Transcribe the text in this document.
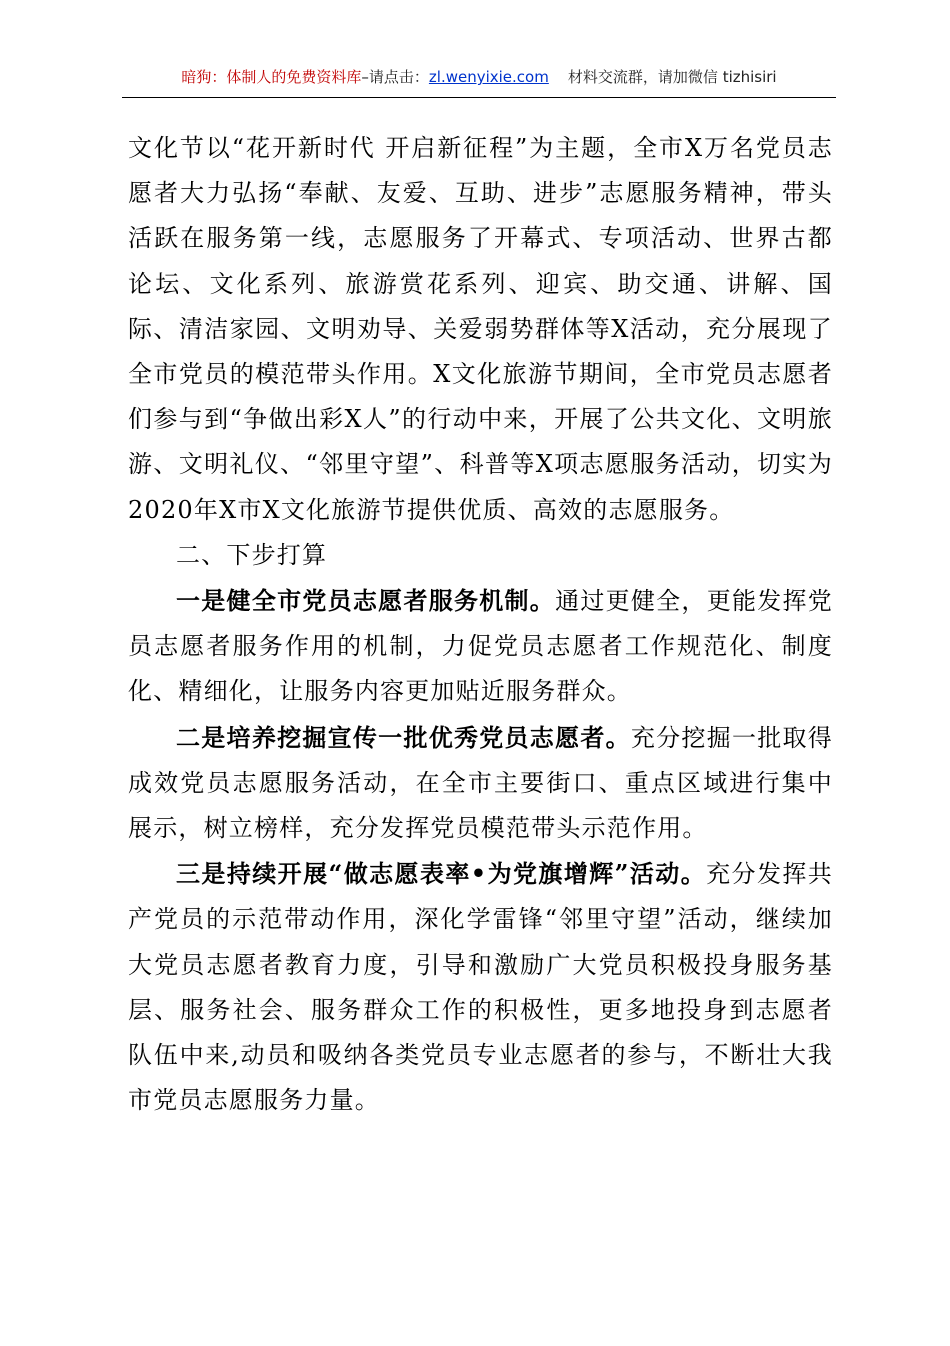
暗狗：体制人的免费资料库–请点击：zl.wenyixie.com 材料交流群，请加微信 tizhisiri

文化节以“花开新时代 开启新征程”为主题，全市X万名党员志愿者大力弘扬“奉献、友爱、互助、进步”志愿服务精神，带头活跃在服务第一线，志愿服务了开幕式、专项活动、世界古都论坛、文化系列、旅游赏花系列、迎宾、助交通、讲解、国际、清洁家园、文明劝导、关爱弱势群体等X活动，充分展现了全市党员的模范带头作用。X文化旅游节期间，全市党员志愿者们参与到“争做出彩X人”的行动中来，开展了公共文化、文明旅游、文明礼仪、“邻里守望”、科普等X项志愿服务活动，切实为2020年X市X文化旅游节提供优质、高效的志愿服务。

二、下步打算

一是健全市党员志愿者服务机制。通过更健全，更能发挥党员志愿者服务作用的机制，力促党员志愿者工作规范化、制度化、精细化，让服务内容更加贴近服务群众。

二是培养挖掘宣传一批优秀党员志愿者。充分挖掘一批取得成效党员志愿服务活动，在全市主要街口、重点区域进行集中展示，树立榜样，充分发挥党员模范带头示范作用。

三是持续开展“做志愿表率•为党旗增辉”活动。充分发挥共产党员的示范带动作用，深化学雷锋“邻里守望”活动，继续加大党员志愿者教育力度，引导和激励广大党员积极投身服务基层、服务社会、服务群众工作的积极性，更多地投身到志愿者队伍中来,动员和吸纳各类党员专业志愿者的参与，不断壮大我市党员志愿服务力量。
